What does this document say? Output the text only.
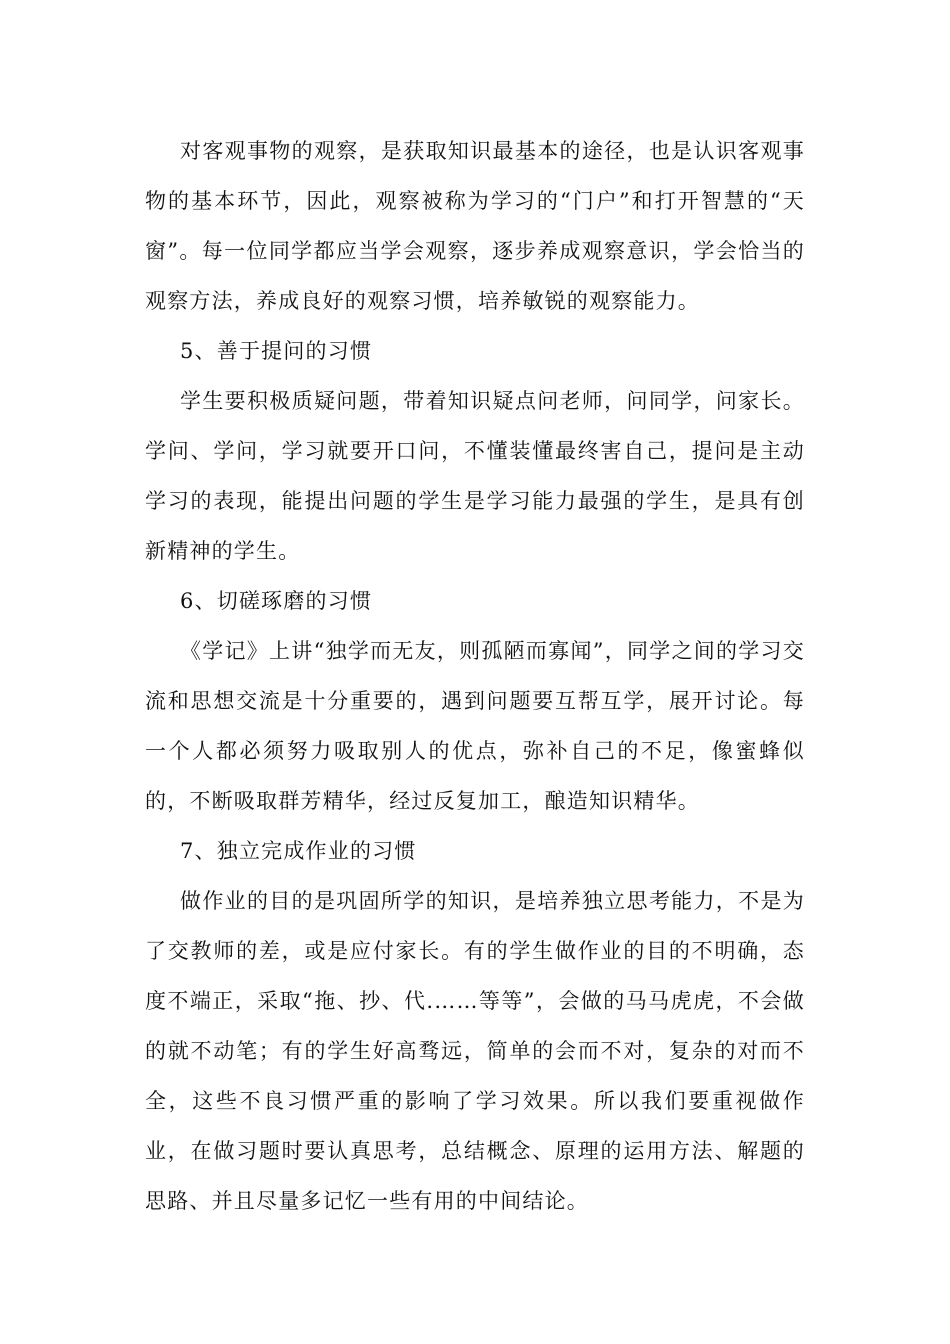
对客观事物的观察，是获取知识最基本的途径，也是认识客观事物的基本环节，因此，观察被称为学习的“门户”和打开智慧的“天窗”。每一位同学都应当学会观察，逐步养成观察意识，学会恰当的观察方法，养成良好的观察习惯，培养敏锐的观察能力。

5、善于提问的习惯

学生要积极质疑问题，带着知识疑点问老师，问同学，问家长。学问、学问，学习就要开口问，不懂装懂最终害自己，提问是主动学习的表现，能提出问题的学生是学习能力最强的学生，是具有创新精神的学生。

6、切磋琢磨的习惯

《学记》上讲“独学而无友，则孤陋而寡闻”，同学之间的学习交流和思想交流是十分重要的，遇到问题要互帮互学，展开讨论。每一个人都必须努力吸取别人的优点，弥补自己的不足，像蜜蜂似的，不断吸取群芳精华，经过反复加工，酿造知识精华。

7、独立完成作业的习惯

做作业的目的是巩固所学的知识，是培养独立思考能力，不是为了交教师的差，或是应付家长。有的学生做作业的目的不明确，态度不端正，采取“拖、抄、代.……等等”，会做的马马虎虎，不会做的就不动笔；有的学生好高骛远，简单的会而不对，复杂的对而不全，这些不良习惯严重的影响了学习效果。所以我们要重视做作业，在做习题时要认真思考，总结概念、原理的运用方法、解题的思路、并且尽量多记忆一些有用的中间结论。
